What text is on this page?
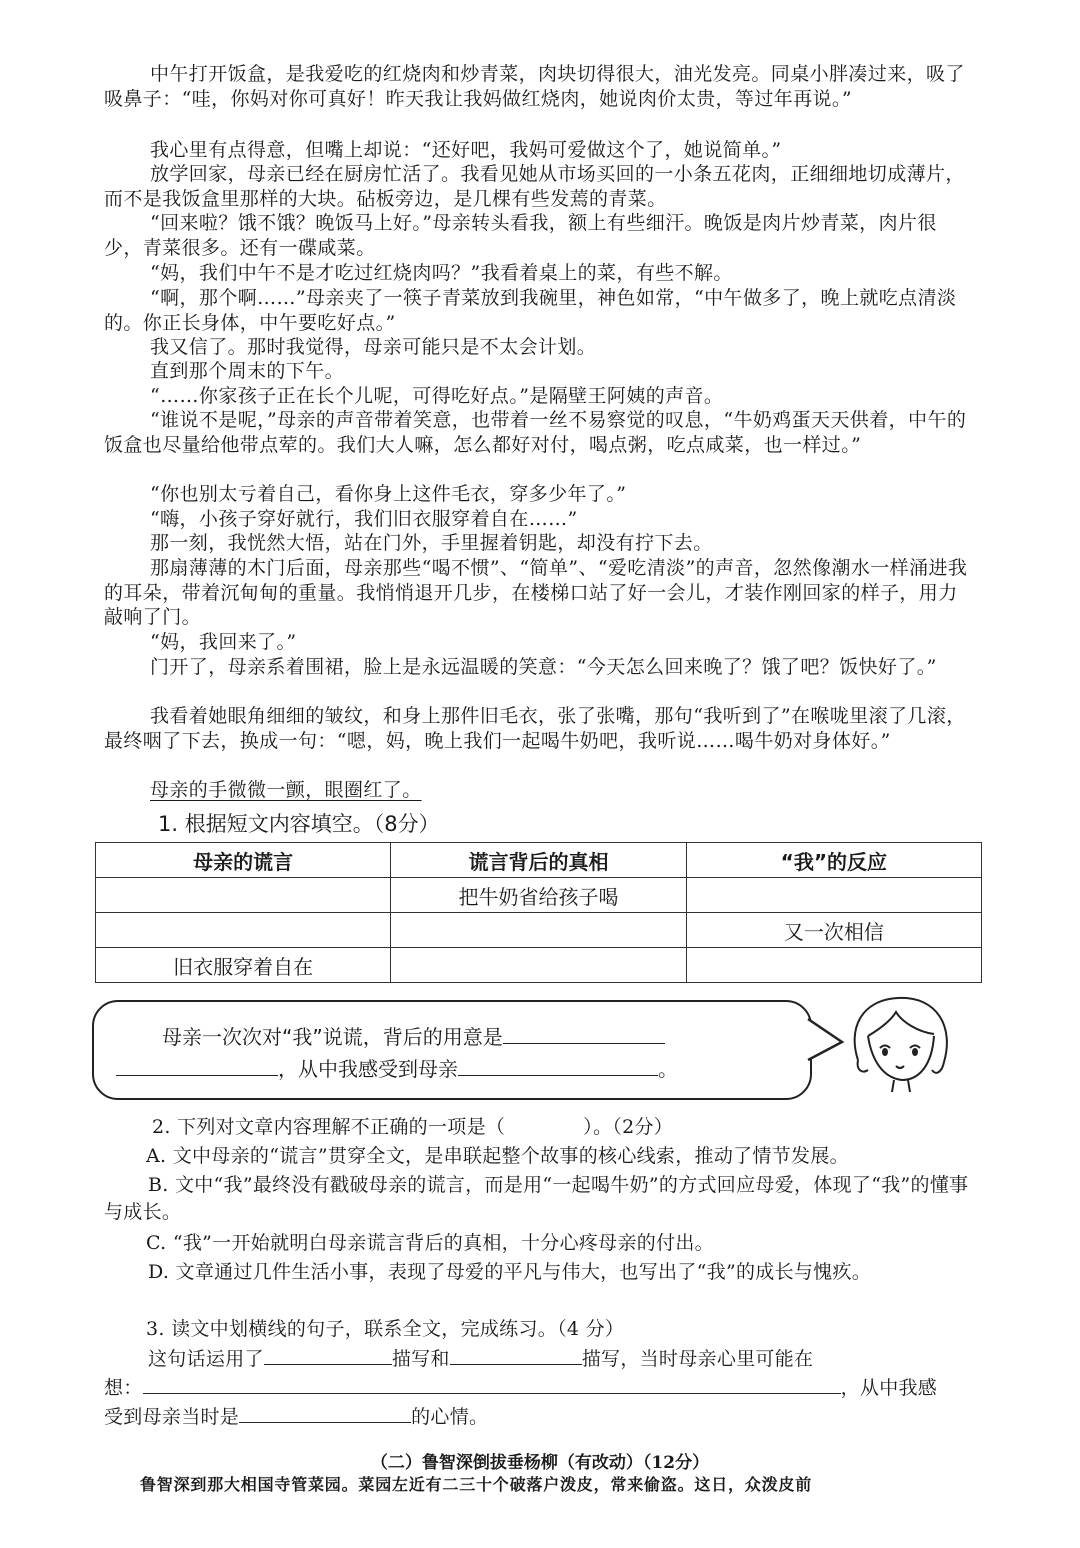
中午打开饭盒，是我爱吃的红烧肉和炒青菜，肉块切得很大，油光发亮。同桌小胖凑过来，吸了吸鼻子：“哇，你妈对你可真好！昨天我让我妈做红烧肉，她说肉价太贵，等过年再说。”

我心里有点得意，但嘴上却说：“还好吧，我妈可爱做这个了，她说简单。”

放学回家，母亲已经在厨房忙活了。我看见她从市场买回的一小条五花肉，正细细地切成薄片，而不是我饭盒里那样的大块。砧板旁边，是几棵有些发蔫的青菜。

“回来啦？饿不饿？晚饭马上好。”母亲转头看我，额上有些细汗。晚饭是肉片炒青菜，肉片很少，青菜很多。还有一碟咸菜。

“妈，我们中午不是才吃过红烧肉吗？”我看着桌上的菜，有些不解。

“啊，那个啊……”母亲夹了一筷子青菜放到我碗里，神色如常，“中午做多了，晚上就吃点清淡的。你正长身体，中午要吃好点。”

我又信了。那时我觉得，母亲可能只是不太会计划。

直到那个周末的下午。

“……你家孩子正在长个儿呢，可得吃好点。”是隔壁王阿姨的声音。

“谁说不是呢，”母亲的声音带着笑意，也带着一丝不易察觉的叹息，“牛奶鸡蛋天天供着，中午的饭盒也尽量给他带点荤的。我们大人嘛，怎么都好对付，喝点粥，吃点咸菜，也一样过。”

“你也别太亏着自己，看你身上这件毛衣，穿多少年了。”

“嗨，小孩子穿好就行，我们旧衣服穿着自在……”

那一刻，我恍然大悟，站在门外，手里握着钥匙，却没有拧下去。

那扇薄薄的木门后面，母亲那些“喝不惯”、“简单”、“爱吃清淡”的声音，忽然像潮水一样涌进我的耳朵，带着沉甸甸的重量。我悄悄退开几步，在楼梯口站了好一会儿，才装作刚回家的样子，用力敲响了门。

“妈，我回来了。”

门开了，母亲系着围裙，脸上是永远温暖的笑意：“今天怎么回来晚了？饿了吧？饭快好了。”

我看着她眼角细细的皱纹，和身上那件旧毛衣，张了张嘴，那句“我听到了”在喉咙里滚了几滚，最终咽了下去，换成一句：“嗯，妈，晚上我们一起喝牛奶吧，我听说……喝牛奶对身体好。”

母亲的手微微一颤，眼圈红了。

1. 根据短文内容填空。（8分）

母亲的谎言	谎言背后的真相	“我”的反应
	把牛奶省给孩子喝	
		又一次相信
旧衣服穿着自在		

母亲一次次对“我”说谎，背后的用意是

，从中我感受到母亲	。

2. 下列对文章内容理解不正确的一项是（	）。（2分）

A. 文中母亲的“谎言”贯穿全文，是串联起整个故事的核心线索，推动了情节发展。

B. 文中“我”最终没有戳破母亲的谎言，而是用“一起喝牛奶”的方式回应母爱，体现了“我”的懂事与成长。

C. “我”一开始就明白母亲谎言背后的真相，十分心疼母亲的付出。

D. 文章通过几件生活小事，表现了母爱的平凡与伟大，也写出了“我”的成长与愧疚。

3. 读文中划横线的句子，联系全文，完成练习。（4 分）

这句话运用了	描写和	描写，当时母亲心里可能在

想：	，从中我感

受到母亲当时是	的心情。

（二）鲁智深倒拔垂杨柳（有改动）（12分）

鲁智深到那大相国寺管菜园。菜园左近有二三十个破落户泼皮，常来偷盗。这日，众泼皮前
